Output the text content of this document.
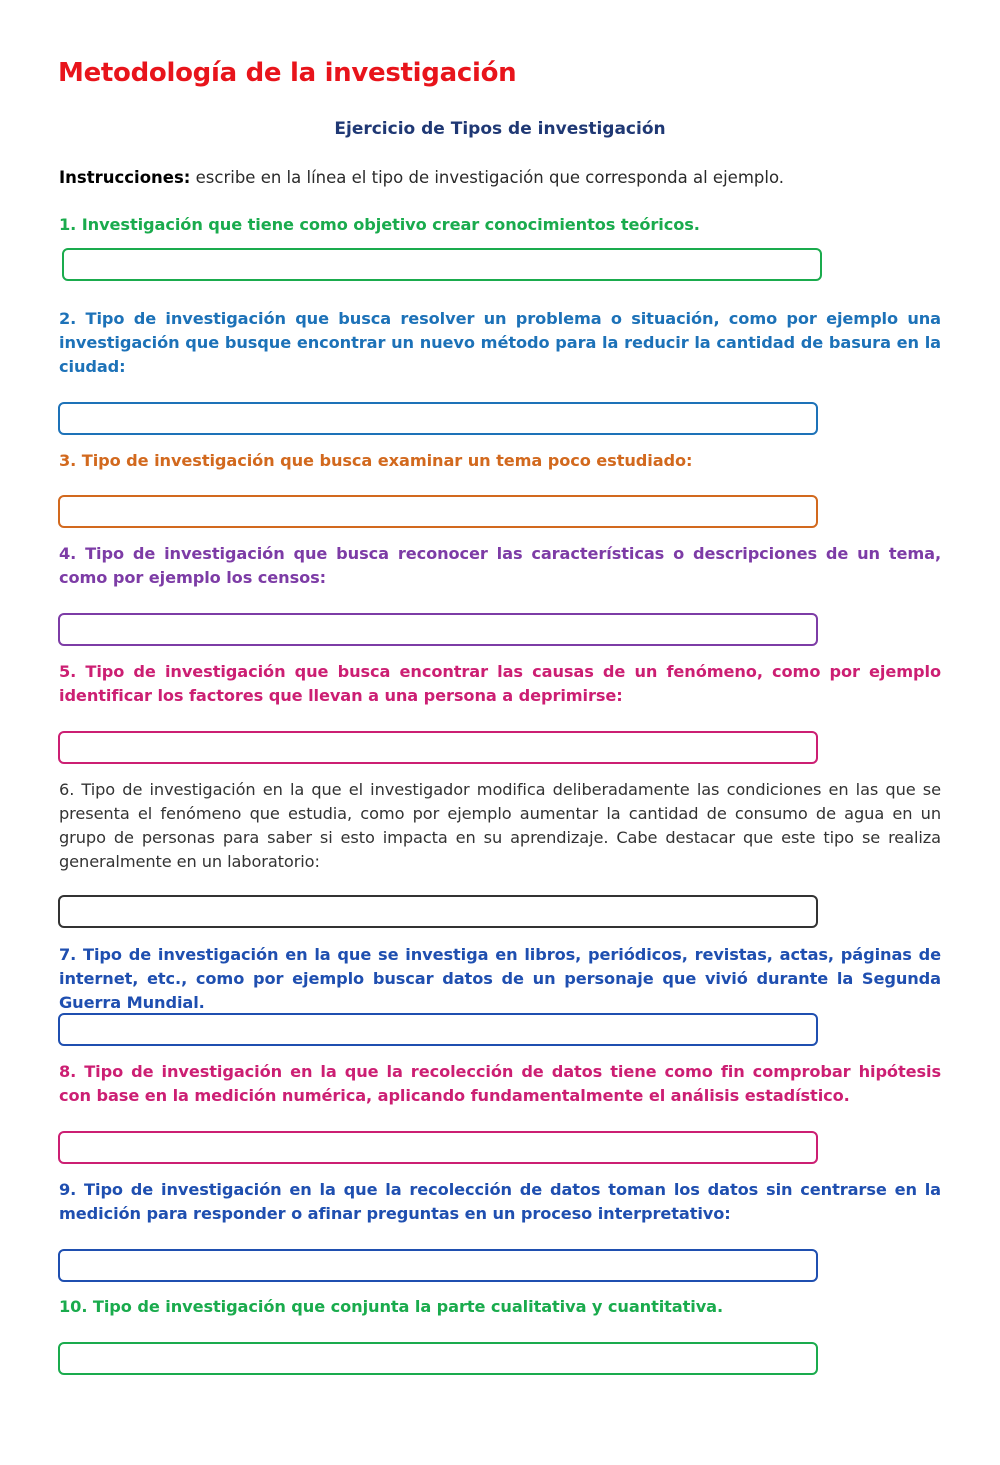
Metodología de la investigación
Ejercicio de Tipos de investigación
Instrucciones: escribe en la línea el tipo de investigación que corresponda al ejemplo.
1. Investigación que tiene como objetivo crear conocimientos teóricos.
2. Tipo de investigación que busca resolver un problema o situación, como por ejemplo una investigación que busque encontrar un nuevo método para la reducir la cantidad de basura en la ciudad:
3. Tipo de investigación que busca examinar un tema poco estudiado:
4. Tipo de investigación que busca reconocer las características o descripciones de un tema, como por ejemplo los censos:
5. Tipo de investigación que busca encontrar las causas de un fenómeno, como por ejemplo identificar los factores que llevan a una persona a deprimirse:
6. Tipo de investigación en la que el investigador modifica deliberadamente las condiciones en las que se presenta el fenómeno que estudia, como por ejemplo aumentar la cantidad de consumo de agua en un grupo de personas para saber si esto impacta en su aprendizaje. Cabe destacar que este tipo se realiza generalmente en un laboratorio:
7. Tipo de investigación en la que se investiga en libros, periódicos, revistas, actas, páginas de internet, etc., como por ejemplo buscar datos de un personaje que vivió durante la Segunda Guerra Mundial.
8. Tipo de investigación en la que la recolección de datos tiene como fin comprobar hipótesis con base en la medición numérica, aplicando fundamentalmente el análisis estadístico.
9. Tipo de investigación en la que la recolección de datos toman los datos sin centrarse en la medición para responder o afinar preguntas en un proceso interpretativo:
10. Tipo de investigación que conjunta la parte cualitativa y cuantitativa.
